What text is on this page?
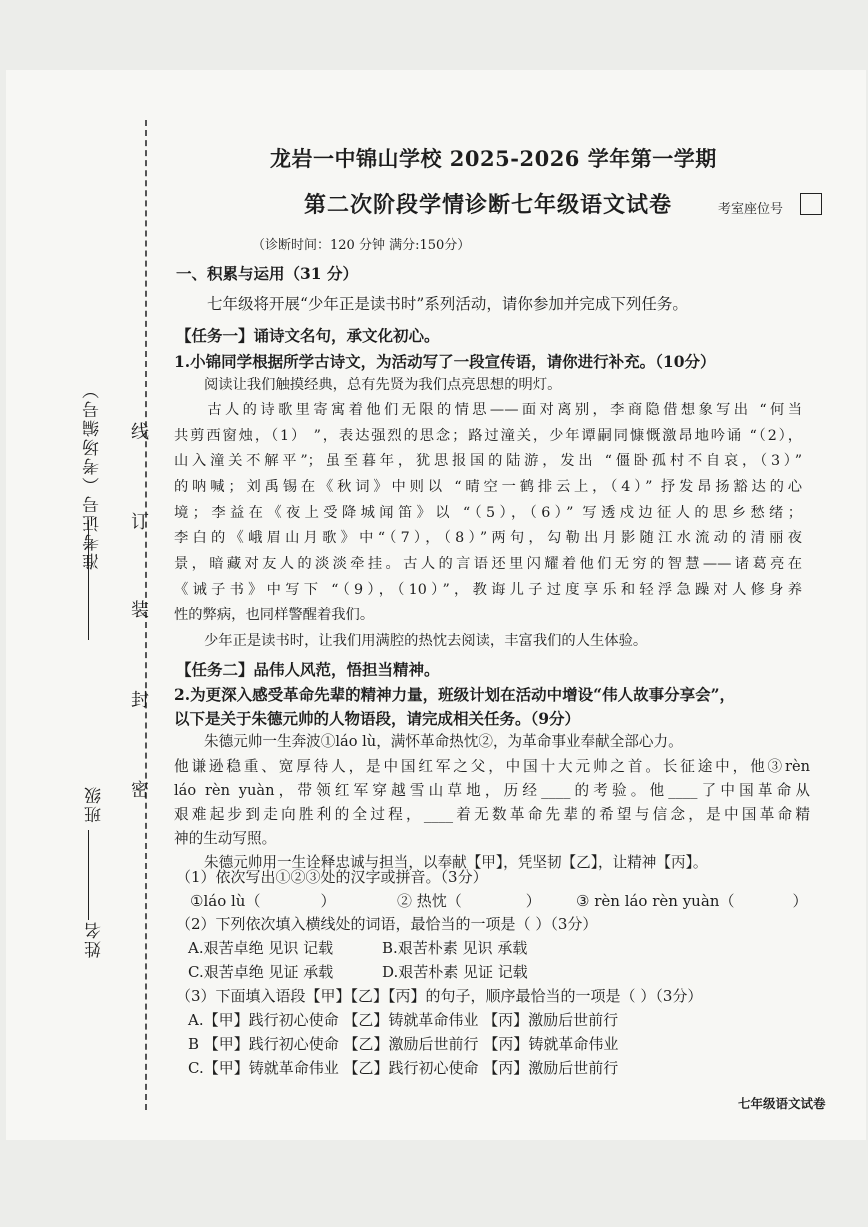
准考证号（考场编号）
班级
姓名
线
订
装
封
密
龙岩一中锦山学校 2025-2026 学年第一学期
第二次阶段学情诊断七年级语文试卷	考室座位号
（诊断时间：120 分钟 满分:150分）
一、积累与运用（31 分）
七年级将开展“少年正是读书时”系列活动，请你参加并完成下列任务。
【任务一】诵诗文名句，承文化初心。
1.小锦同学根据所学古诗文，为活动写了一段宣传语，请你进行补充。（10分）
阅读让我们触摸经典，总有先贤为我们点亮思想的明灯。
古人的诗歌里寄寓着他们无限的情思——面对离别，李商隐借想象写出 “何当
共剪西窗烛，（1） ”，表达强烈的思念；路过潼关，少年谭嗣同慷慨激昂地吟诵 “（2），
山入潼关不解平”；虽至暮年，犹思报国的陆游，发出 “僵卧孤村不自哀，（3）”
的呐喊；刘禹锡在《秋词》中则以 “晴空一鹤排云上，（4）” 抒发昂扬豁达的心
境；李益在《夜上受降城闻笛》以 “（5），（6）” 写透戍边征人的思乡愁绪；
李白的《峨眉山月歌》中“（7），（8）”两句，勾勒出月影随江水流动的清丽夜
景，暗藏对友人的淡淡牵挂。古人的言语还里闪耀着他们无穷的智慧——诸葛亮在
《诫子书》中写下 “（9），（10）”，教诲儿子过度享乐和轻浮急躁对人修身养
性的弊病，也同样警醒着我们。
少年正是读书时，让我们用满腔的热忱去阅读，丰富我们的人生体验。
【任务二】品伟人风范，悟担当精神。
2.为更深入感受革命先辈的精神力量，班级计划在活动中增设“伟人故事分享会”，
以下是关于朱德元帅的人物语段，请完成相关任务。（9分）
朱德元帅一生奔波①láo lù，满怀革命热忱②，为革命事业奉献全部心力。
他谦逊稳重、宽厚待人，是中国红军之父，中国十大元帅之首。长征途中，他③rèn
láo rèn yuàn，带领红军穿越雪山草地，历经____的考验。他____了中国革命从
艰难起步到走向胜利的全过程，____着无数革命先辈的希望与信念，是中国革命精
神的生动写照。
朱德元帅用一生诠释忠诚与担当，以奉献【甲】，凭坚韧【乙】，让精神【丙】。
（1）依次写出①②③处的汉字或拼音。（3分）
①láo lù（	）	② 热忱（	） ③ rèn láo rèn yuàn（	）
（2）下列依次填入横线处的词语，最恰当的一项是（ ）（3分）
A.艰苦卓绝 见识 记载	B.艰苦朴素 见识 承载
C.艰苦卓绝 见证 承载	D.艰苦朴素 见证 记载
（3）下面填入语段【甲】【乙】【丙】的句子，顺序最恰当的一项是（ ）（3分）
A.【甲】践行初心使命 【乙】铸就革命伟业 【丙】激励后世前行
B 【甲】践行初心使命 【乙】激励后世前行 【丙】铸就革命伟业
C.【甲】铸就革命伟业 【乙】践行初心使命 【丙】激励后世前行
七年级语文试卷
